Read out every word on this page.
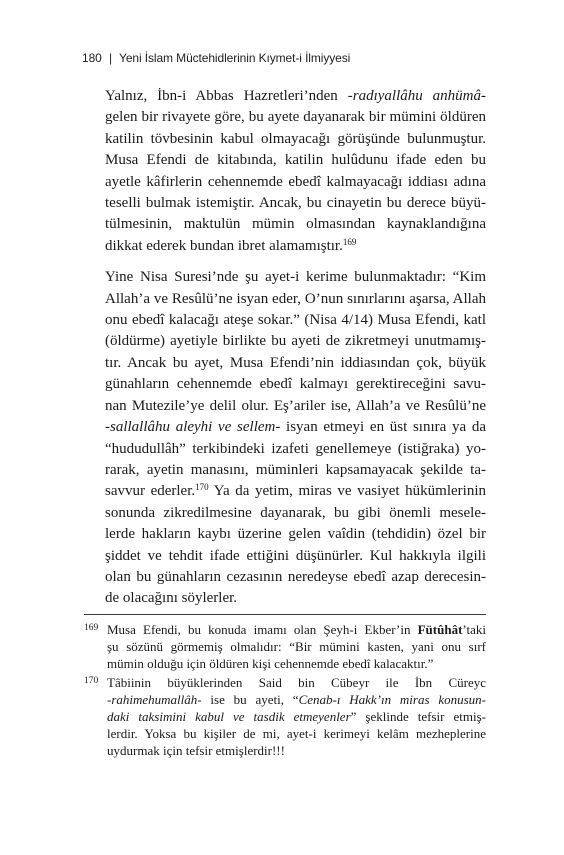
180 | Yeni İslam Müctehidlerinin Kıymet-i İlmiyyesi

Yalnız, İbn-i Abbas Hazretleri’nden -radıyallâhu anhümâ-
gelen bir rivayete göre, bu ayete dayanarak bir mümini öldüren
katilin tövbesinin kabul olmayacağı görüşünde bulunmuştur.
Musa Efendi de kitabında, katilin hulûdunu ifade eden bu
ayetle kâfirlerin cehennemde ebedî kalmayacağı iddiası adına
teselli bulmak istemiştir. Ancak, bu cinayetin bu derece büyü-
tülmesinin, maktulün mümin olmasından kaynaklandığına
dikkat ederek bundan ibret alamamıştır.$^{169}$

Yine Nisa Suresi’nde şu ayet-i kerime bulunmaktadır: “Kim
Allah’a ve Resûlü’ne isyan eder, O’nun sınırlarını aşarsa, Allah
onu ebedî kalacağı ateşe sokar.” (Nisa 4/14) Musa Efendi, katl
(öldürme) ayetiyle birlikte bu ayeti de zikretmeyi unutmamış-
tır. Ancak bu ayet, Musa Efendi’nin iddiasından çok, büyük
günahların cehennemde ebedî kalmayı gerektireceğini savu-
nan Mutezile’ye delil olur. Eş’ariler ise, Allah’a ve Resûlü’ne
-sallallâhu aleyhi ve sellem- isyan etmeyi en üst sınıra ya da
“hududullâh” terkibindeki izafeti genellemeye (istiğraka) yo-
rarak, ayetin manasını, müminleri kapsamayacak şekilde ta-
savvur ederler.$^{170}$ Ya da yetim, miras ve vasiyet hükümlerinin
sonunda zikredilmesine dayanarak, bu gibi önemli mesele-
lerde hakların kaybı üzerine gelen vaîdin (tehdidin) özel bir
şiddet ve tehdit ifade ettiğini düşünürler. Kul hakkıyla ilgili
olan bu günahların cezasının neredeyse ebedî azap derecesin-
de olacağını söylerler.

169 Musa Efendi, bu konuda imamı olan Şeyh-i Ekber’in Fütûhât’taki
şu sözünü görmemiş olmalıdır: “Bir mümini kasten, yani onu sırf
mümin olduğu için öldüren kişi cehennemde ebedî kalacaktır.”
170 Tâbiinin büyüklerinden Said bin Cübeyr ile İbn Cüreyc
-rahimehumallâh- ise bu ayeti, “Cenab-ı Hakk’ın miras konusun-
daki taksimini kabul ve tasdik etmeyenler” şeklinde tefsir etmiş-
lerdir. Yoksa bu kişiler de mi, ayet-i kerimeyi kelâm mezheplerine
uydurmak için tefsir etmişlerdir!!!
